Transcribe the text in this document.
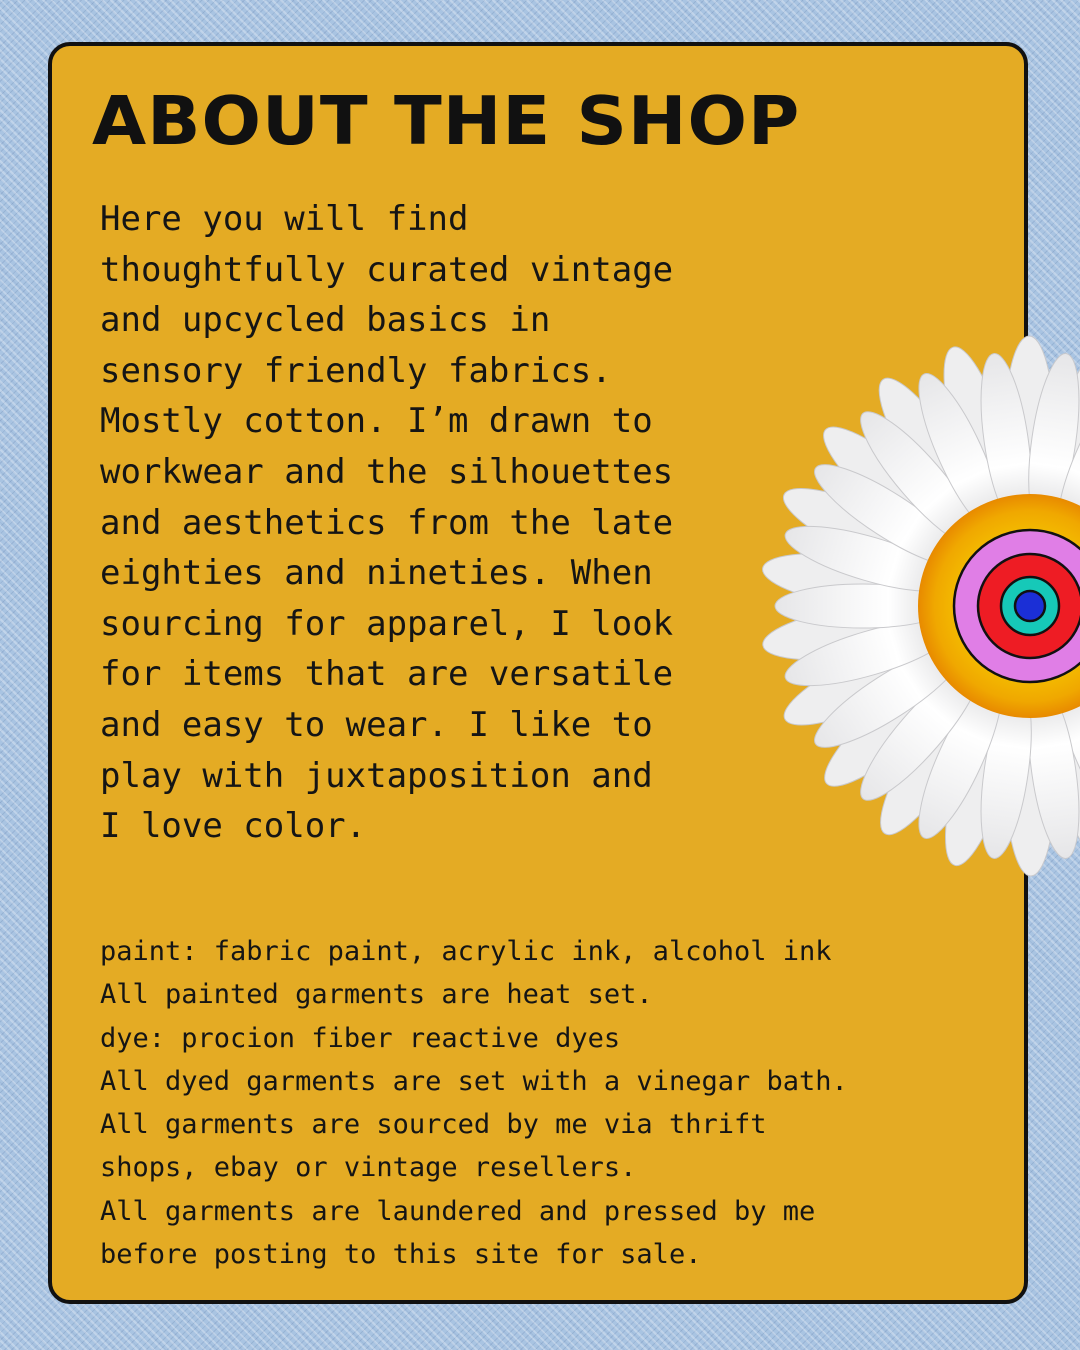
ABOUT THE SHOP

Here you will find
thoughtfully curated vintage
and upcycled basics in
sensory friendly fabrics.
Mostly cotton. I’m drawn to
workwear and the silhouettes
and aesthetics from the late
eighties and nineties. When
sourcing for apparel, I look
for items that are versatile
and easy to wear. I like to
play with juxtaposition and
I love color.

paint: fabric paint, acrylic ink, alcohol ink
All painted garments are heat set.
dye: procion fiber reactive dyes
All dyed garments are set with a vinegar bath.
All garments are sourced by me via thrift
shops, ebay or vintage resellers.
All garments are laundered and pressed by me
before posting to this site for sale.
